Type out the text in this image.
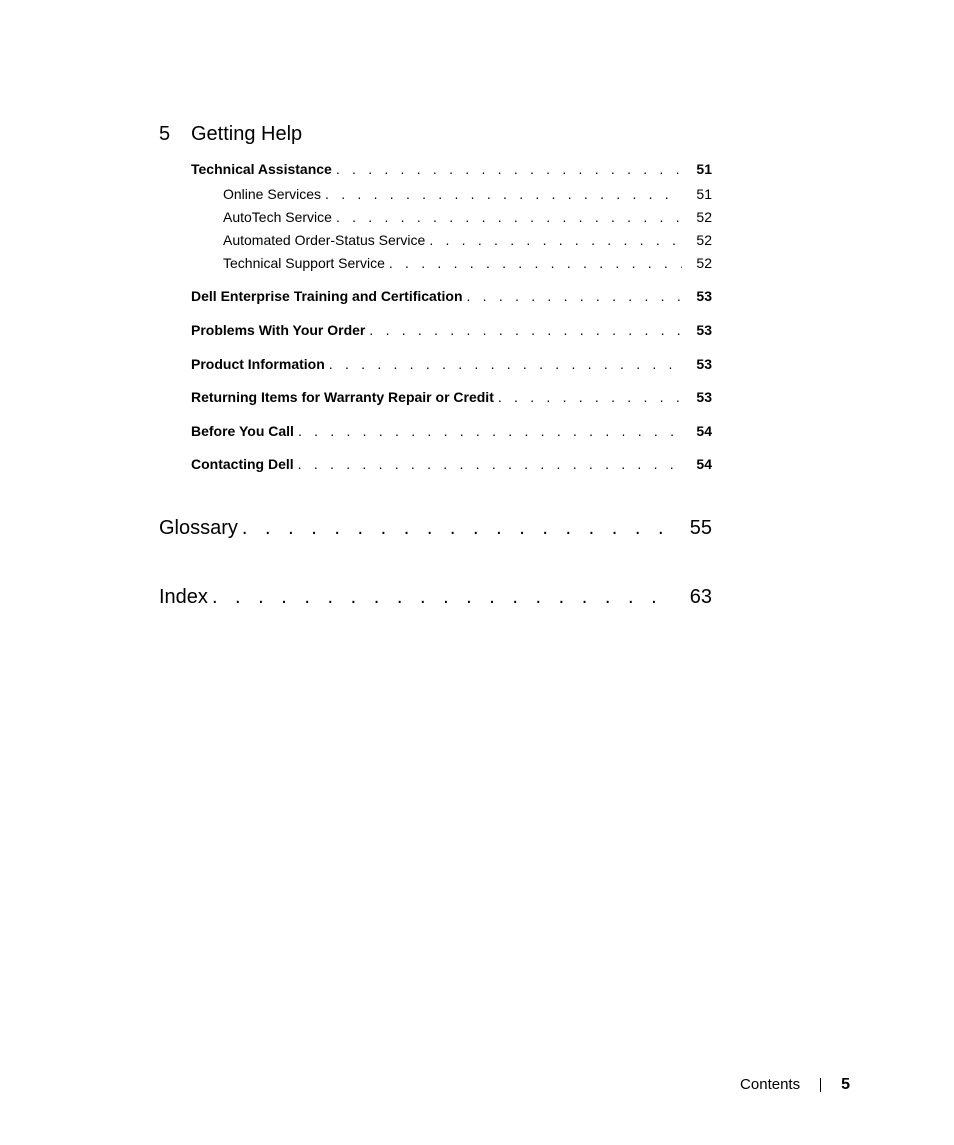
5	Getting Help
Technical Assistance . . .	51
Online Services . . .	51
AutoTech Service . . .	52
Automated Order-Status Service . . .	52
Technical Support Service . . .	52
Dell Enterprise Training and Certification . . .	53
Problems With Your Order . . .	53
Product Information . . .	53
Returning Items for Warranty Repair or Credit . . .	53
Before You Call . . .	54
Contacting Dell . . .	54
Glossary . . .	55
Index . . .	63
Contents	5
